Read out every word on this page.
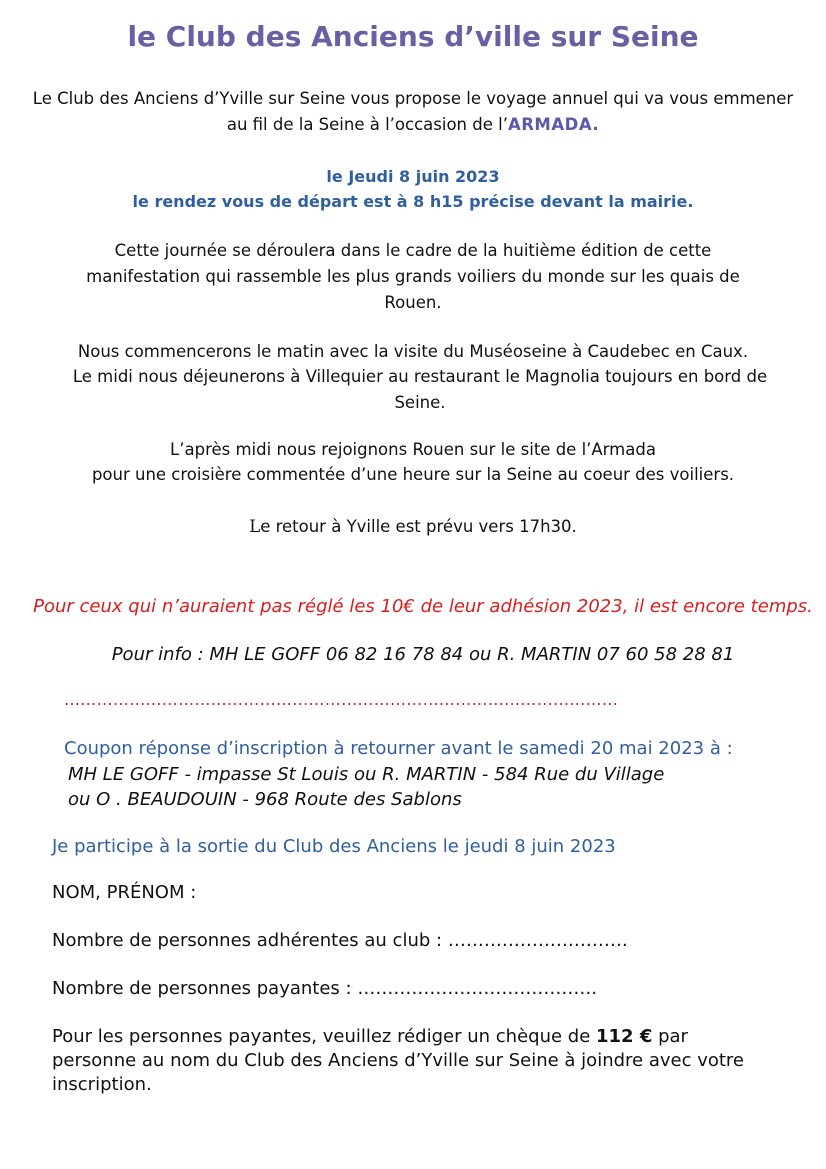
le Club des Anciens d’ville sur Seine
Le Club des Anciens d’Yville sur Seine vous propose le voyage annuel qui va vous emmener au fil de la Seine à l’occasion de l’ARMADA.
le Jeudi 8 juin 2023
le rendez vous de départ est à 8 h15 précise devant la mairie.
Cette journée se déroulera dans le cadre de la huitième édition de cette manifestation qui rassemble les plus grands voiliers du monde sur les quais de Rouen.
Nous commencerons le matin avec la visite du Muséoseine à Caudebec en Caux.
Le midi nous déjeunerons à Villequier au restaurant le Magnolia toujours en bord de Seine.
L’après midi nous rejoignons Rouen sur le site de l’Armada
pour une croisière commentée d’une heure sur la Seine au coeur des voiliers.
Le retour à Yville est prévu vers 17h30.
Pour ceux qui n’auraient pas réglé les 10€ de leur adhésion 2023, il est encore temps.
Pour info : MH LE GOFF 06 82 16 78 84 ou R. MARTIN 07 60 58 28 81
…………………………………………………………………………………………
Coupon réponse d’inscription à retourner avant le samedi 20 mai 2023 à :
MH LE GOFF - impasse St Louis ou R. MARTIN - 584 Rue du Village
ou O . BEAUDOUIN - 968 Route des Sablons
Je participe à la sortie du Club des Anciens le jeudi 8 juin 2023
NOM, PRÉNOM :
Nombre de personnes adhérentes au club : …………………………
Nombre de personnes payantes : ………………………………….
Pour les personnes payantes, veuillez rédiger un chèque de 112 € par personne au nom du Club des Anciens d’Yville sur Seine à joindre avec votre inscription.
